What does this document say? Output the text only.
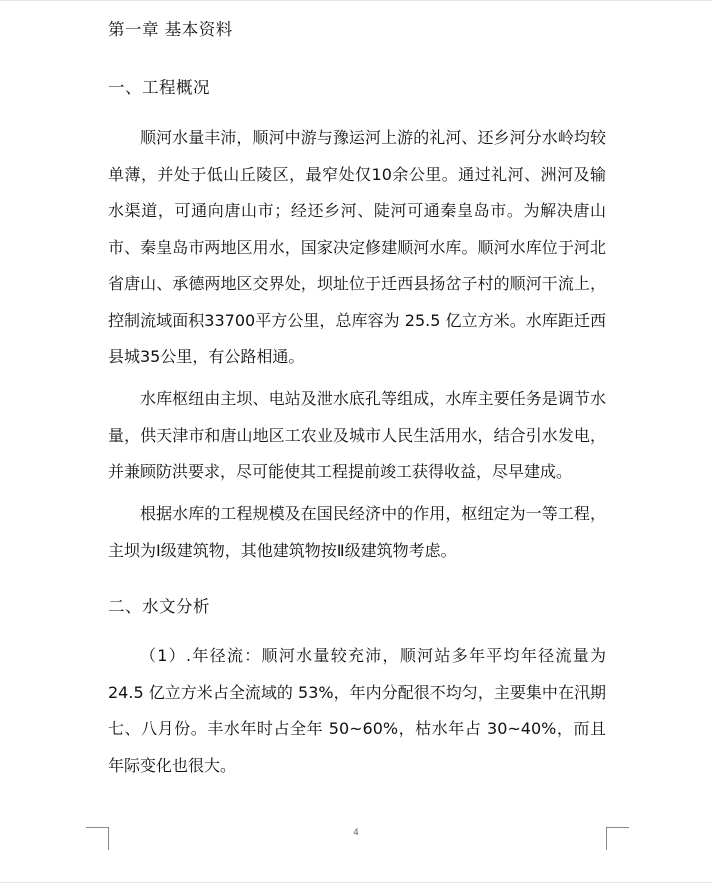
第一章 基本资料
一、工程概况

顺河水量丰沛，顺河中游与豫运河上游的礼河、还乡河分水岭均较单薄，并处于低山丘陵区，最窄处仅10余公里。通过礼河、洲河及输水渠道，可通向唐山市；经还乡河、陡河可通秦皇岛市。为解决唐山市、秦皇岛市两地区用水，国家决定修建顺河水库。顺河水库位于河北省唐山、承德两地区交界处，坝址位于迁西县扬岔子村的顺河干流上，控制流域面积33700平方公里，总库容为 25.5 亿立方米。水库距迁西县城35公里，有公路相通。

水库枢纽由主坝、电站及泄水底孔等组成，水库主要任务是调节水量，供天津市和唐山地区工农业及城市人民生活用水，结合引水发电，并兼顾防洪要求，尽可能使其工程提前竣工获得收益，尽早建成。

根据水库的工程规模及在国民经济中的作用，枢纽定为一等工程，主坝为Ⅰ级建筑物，其他建筑物按Ⅱ级建筑物考虑。

二、水文分析

（1）.年径流：顺河水量较充沛，顺河站多年平均年径流量为 24.5 亿立方米占全流域的 53%，年内分配很不均匀，主要集中在汛期七、八月份。丰水年时占全年 50~60%，枯水年占 30~40%，而且年际变化也很大。

4
